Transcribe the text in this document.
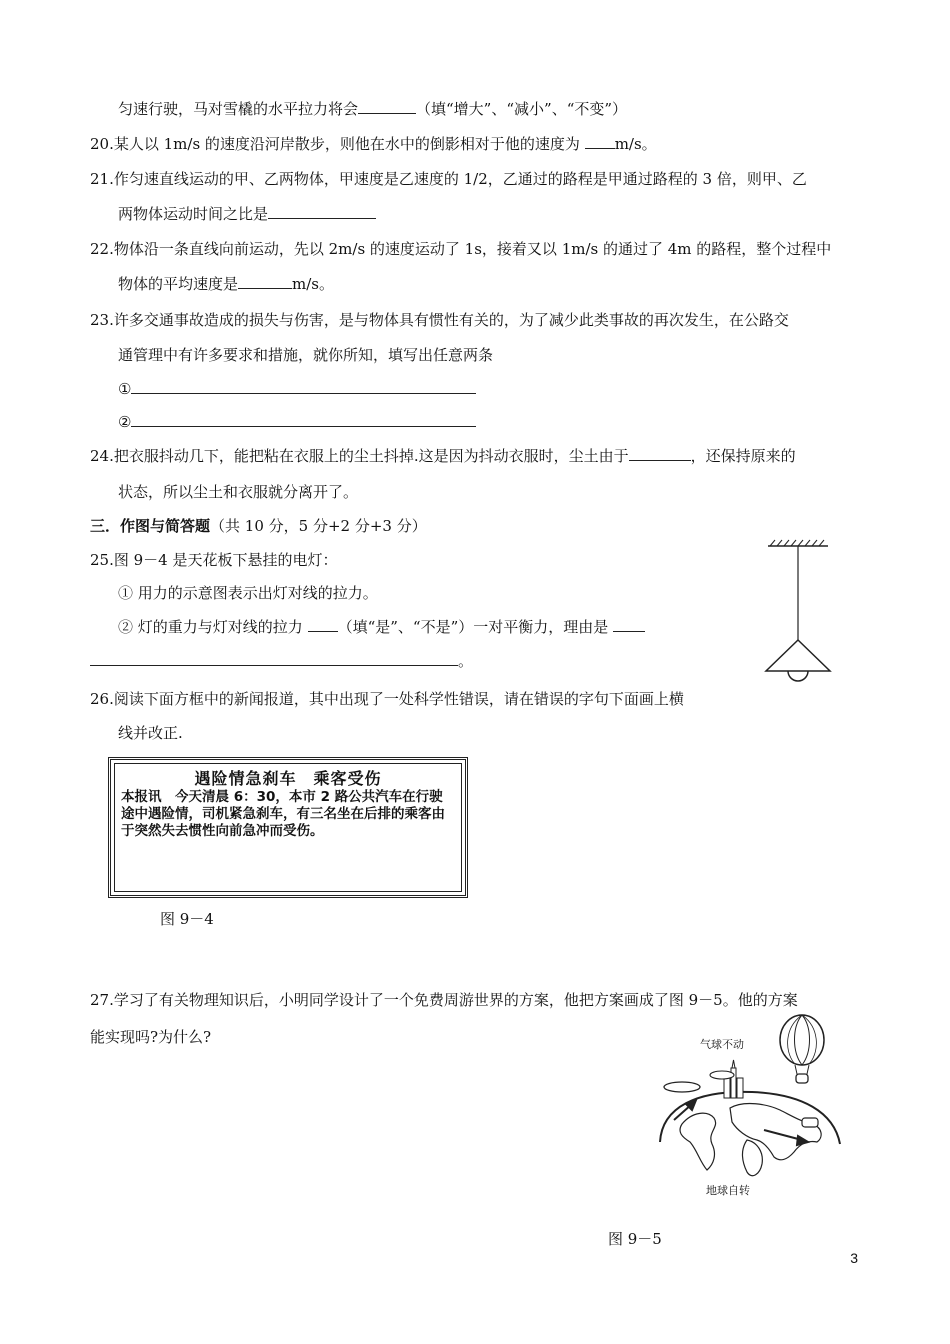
匀速行驶，马对雪橇的水平拉力将会	（填“增大”、“减小”、“不变”）
20.某人以 1m/s 的速度沿河岸散步，则他在水中的倒影相对于他的速度为 m/s。
21.作匀速直线运动的甲、乙两物体，甲速度是乙速度的 1/2，乙通过的路程是甲通过路程的 3 倍，则甲、乙
两物体运动时间之比是
22.物体沿一条直线向前运动，先以 2m/s 的速度运动了 1s，接着又以 1m/s 的通过了 4m 的路程，整个过程中
物体的平均速度是	m/s。
23.许多交通事故造成的损失与伤害，是与物体具有惯性有关的，为了减少此类事故的再次发生，在公路交
通管理中有许多要求和措施，就你所知，填写出任意两条
①
②
24.把衣服抖动几下，能把粘在衣服上的尘土抖掉.这是因为抖动衣服时，尘土由于	，还保持原来的
状态，所以尘土和衣服就分离开了。
三．作图与简答题（共 10 分，5 分+2 分+3 分）
25.图 9－4 是天花板下悬挂的电灯：
① 用力的示意图表示出灯对线的拉力。
② 灯的重力与灯对线的拉力 （填“是”、“不是”）一对平衡力，理由是
。
26.阅读下面方框中的新闻报道，其中出现了一处科学性错误，请在错误的字句下面画上横
线并改正.
遇险情急刹车　乘客受伤
本报讯　今天清晨 6：30，本市 2 路公共汽车在行驶途中遇险情，司机紧急刹车，有三名坐在后排的乘客由于突然失去惯性向前急冲而受伤。
图 9－4
27.学习了有关物理知识后，小明同学设计了一个免费周游世界的方案，他把方案画成了图 9－5。他的方案
能实现吗?为什么?	气球不动
地球自转
图 9－5
3
